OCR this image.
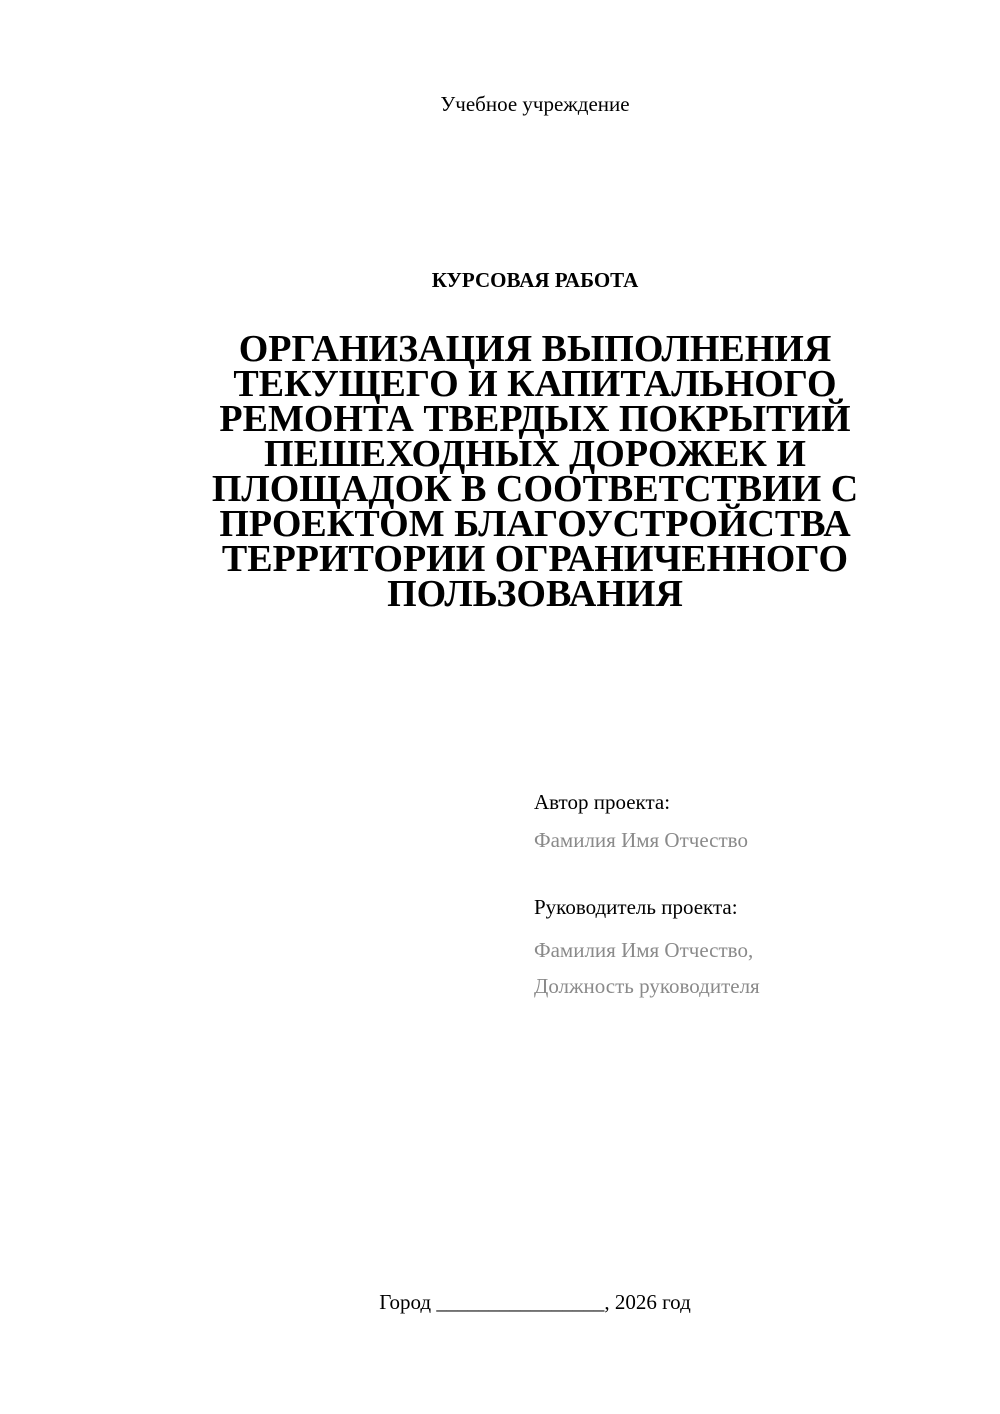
Учебное учреждение
КУРСОВАЯ РАБОТА
ОРГАНИЗАЦИЯ ВЫПОЛНЕНИЯ ТЕКУЩЕГО И КАПИТАЛЬНОГО РЕМОНТА ТВЕРДЫХ ПОКРЫТИЙ ПЕШЕХОДНЫХ ДОРОЖЕК И ПЛОЩАДОК В СООТВЕТСТВИИ С ПРОЕКТОМ БЛАГОУСТРОЙСТВА ТЕРРИТОРИИ ОГРАНИЧЕННОГО ПОЛЬЗОВАНИЯ
Автор проекта:
Фамилия Имя Отчество
Руководитель проекта:
Фамилия Имя Отчество,
Должность руководителя
Город ________________, 2026 год
